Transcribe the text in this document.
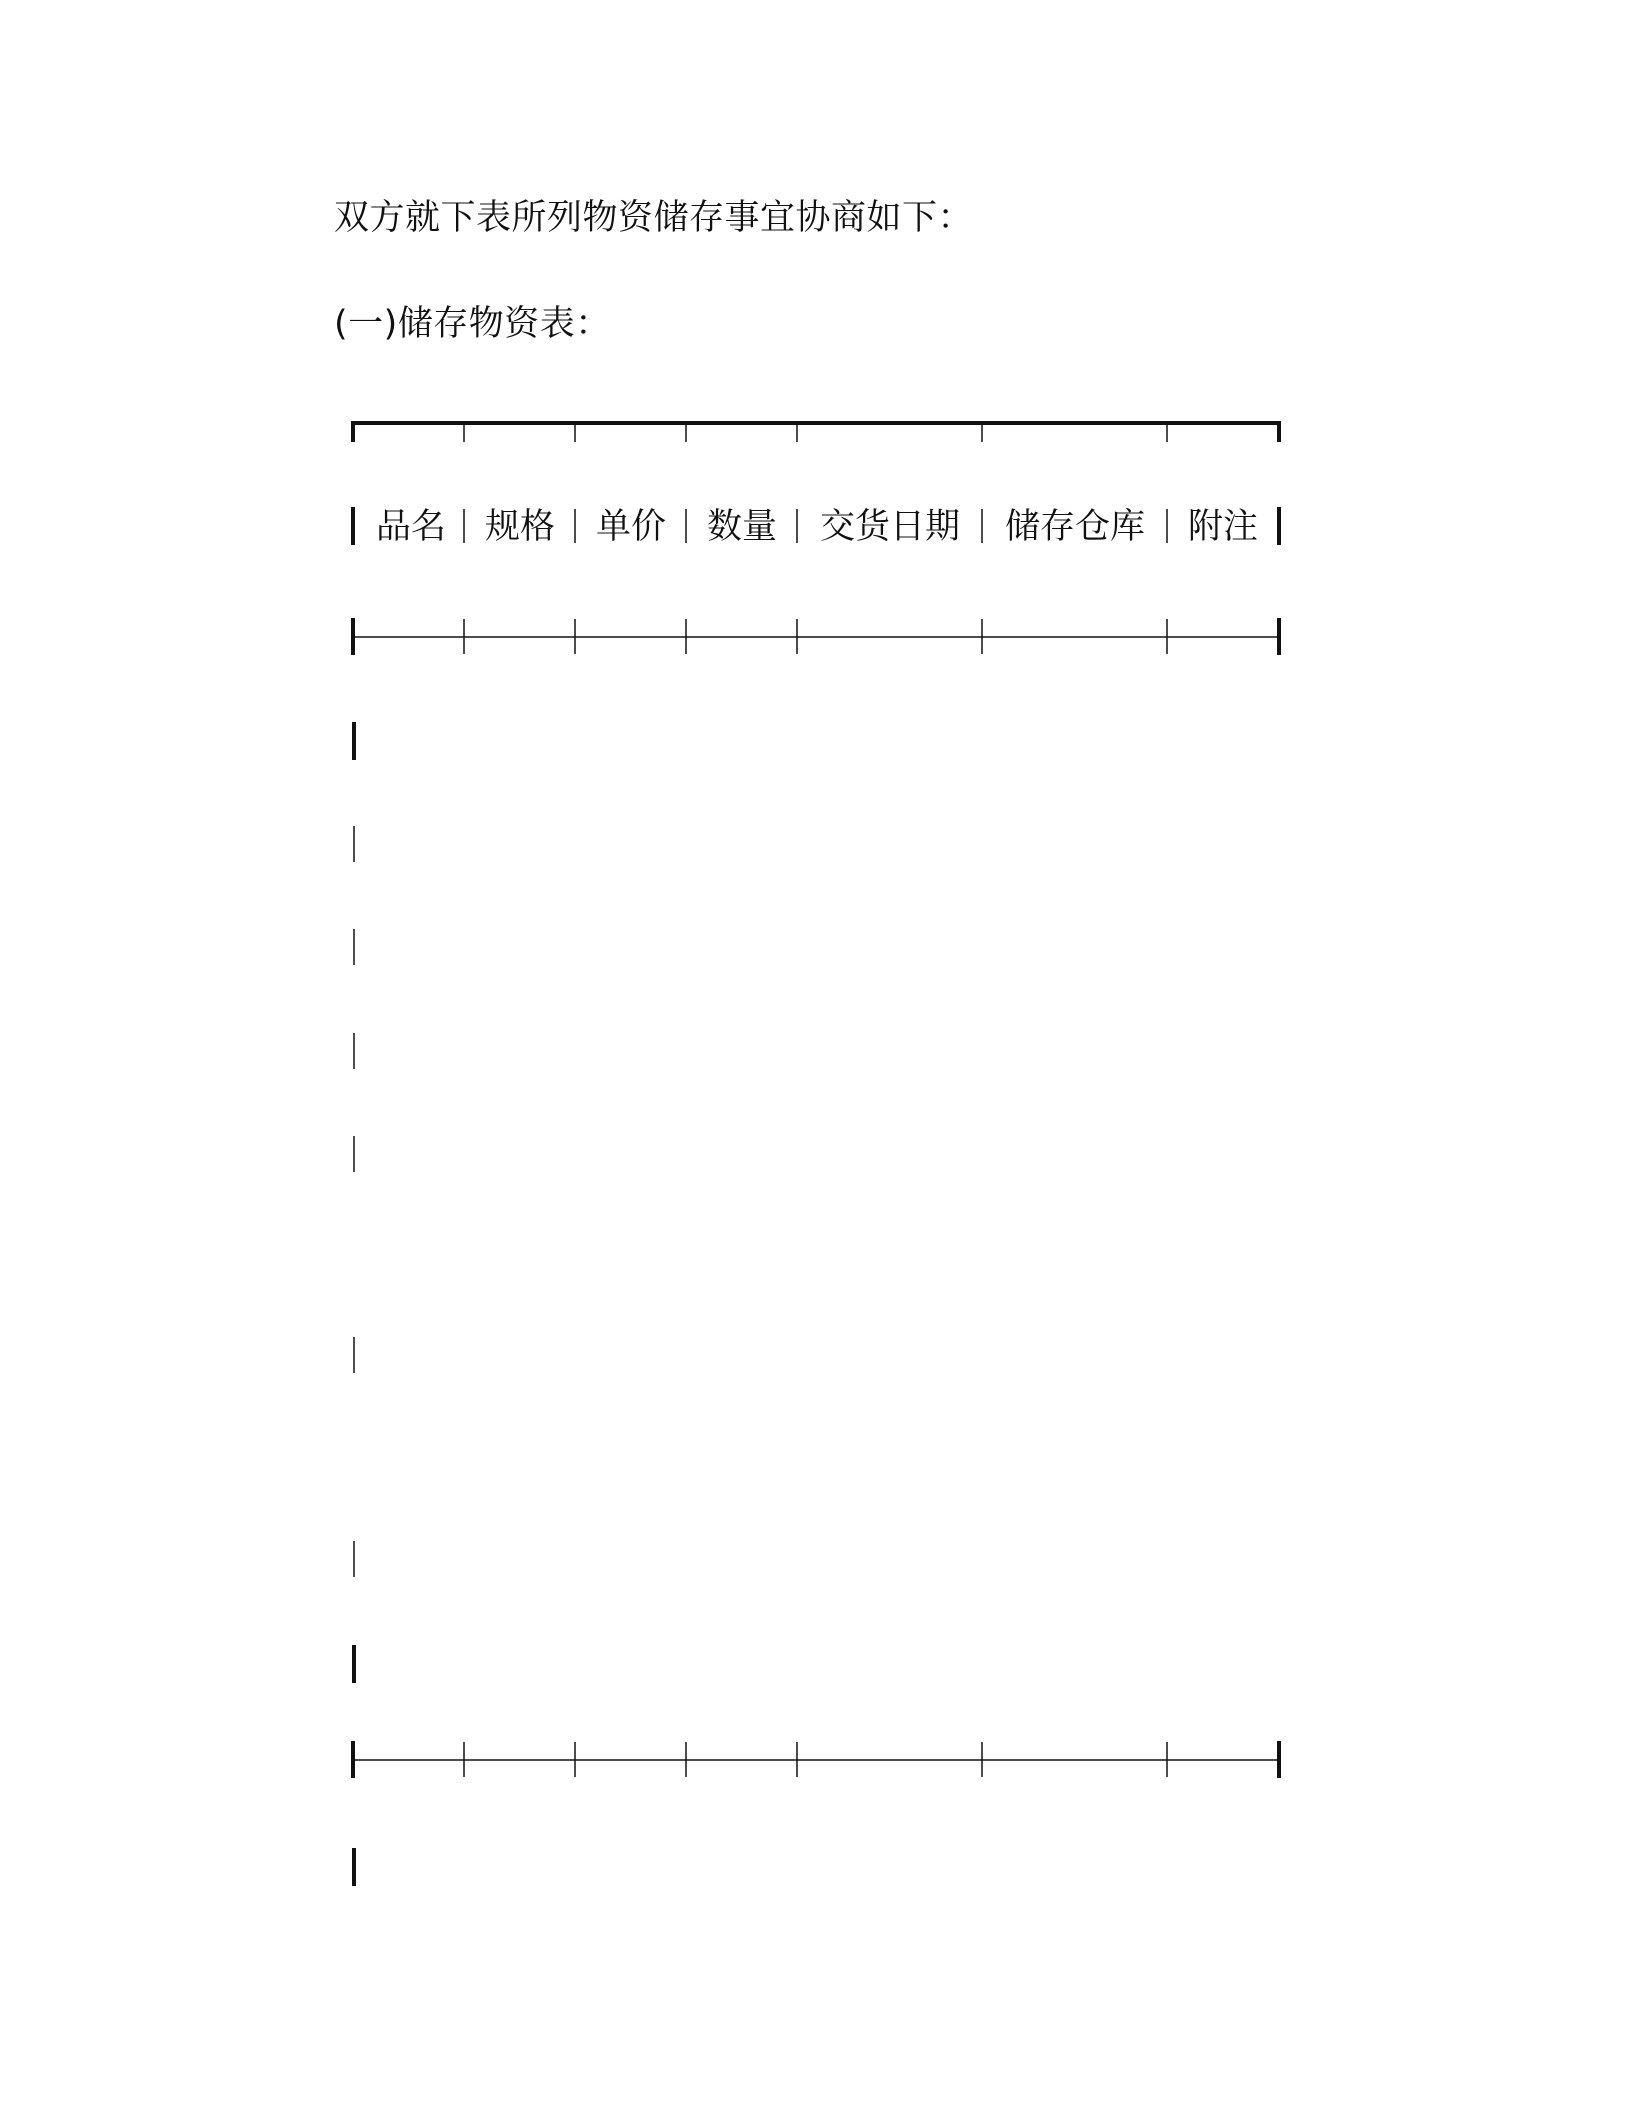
双方就下表所列物资储存事宜协商如下：
(一)储存物资表：
品名	规格	单价	数量	交货日期	储存仓库	附注
